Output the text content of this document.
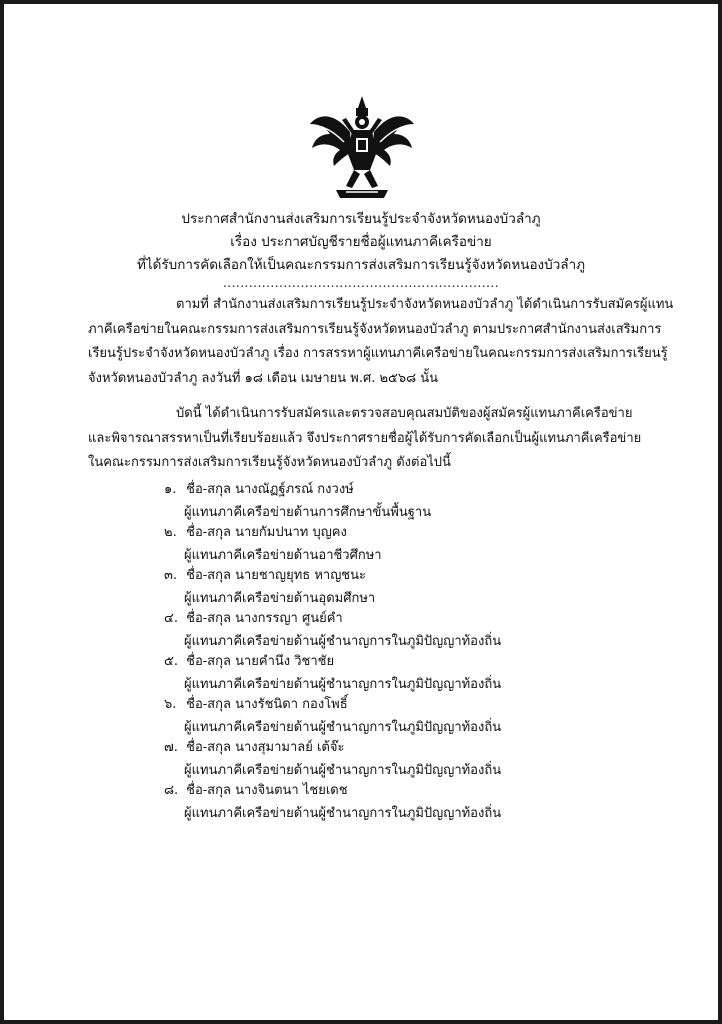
ประกาศสำนักงานส่งเสริมการเรียนรู้ประจำจังหวัดหนองบัวลำภู
เรื่อง ประกาศบัญชีรายชื่อผู้แทนภาคีเครือข่าย
ที่ได้รับการคัดเลือกให้เป็นคณะกรรมการส่งเสริมการเรียนรู้จังหวัดหนองบัวลำภู
................................................................
ตามที่ สำนักงานส่งเสริมการเรียนรู้ประจำจังหวัดหนองบัวลำภู ได้ดำเนินการรับสมัครผู้แทน
ภาคีเครือข่ายในคณะกรรมการส่งเสริมการเรียนรู้จังหวัดหนองบัวลำภู ตามประกาศสำนักงานส่งเสริมการ
เรียนรู้ประจำจังหวัดหนองบัวลำภู เรื่อง การสรรหาผู้แทนภาคีเครือข่ายในคณะกรรมการส่งเสริมการเรียนรู้
จังหวัดหนองบัวลำภู ลงวันที่ ๑๘ เดือน เมษายน พ.ศ. ๒๕๖๘ นั้น
บัดนี้ ได้ดำเนินการรับสมัครและตรวจสอบคุณสมบัติของผู้สมัครผู้แทนภาคีเครือข่าย
และพิจารณาสรรหาเป็นที่เรียบร้อยแล้ว จึงประกาศรายชื่อผู้ได้รับการคัดเลือกเป็นผู้แทนภาคีเครือข่าย
ในคณะกรรมการส่งเสริมการเรียนรู้จังหวัดหนองบัวลำภู ดังต่อไปนี้
๑. ชื่อ-สกุล นางณัฏฐ์ภรณ์ กงวงษ์
ผู้แทนภาคีเครือข่ายด้านการศึกษาขั้นพื้นฐาน
๒. ชื่อ-สกุล นายกัมปนาท บุญคง
ผู้แทนภาคีเครือข่ายด้านอาชีวศึกษา
๓. ชื่อ-สกุล นายชาญยุทธ หาญชนะ
ผู้แทนภาคีเครือข่ายด้านอุดมศึกษา
๔. ชื่อ-สกุล นางกรรญา ศูนย์คำ
ผู้แทนภาคีเครือข่ายด้านผู้ชำนาญการในภูมิปัญญาท้องถิ่น
๕. ชื่อ-สกุล นายคำนึง วิชาชัย
ผู้แทนภาคีเครือข่ายด้านผู้ชำนาญการในภูมิปัญญาท้องถิ่น
๖. ชื่อ-สกุล นางรัชนิดา กองโพธิ์
ผู้แทนภาคีเครือข่ายด้านผู้ชำนาญการในภูมิปัญญาท้องถิ่น
๗. ชื่อ-สกุล นางสุมามาลย์ เต้จ๊ะ
ผู้แทนภาคีเครือข่ายด้านผู้ชำนาญการในภูมิปัญญาท้องถิ่น
๘. ชื่อ-สกุล นางจินตนา ไชยเดช
ผู้แทนภาคีเครือข่ายด้านผู้ชำนาญการในภูมิปัญญาท้องถิ่น
